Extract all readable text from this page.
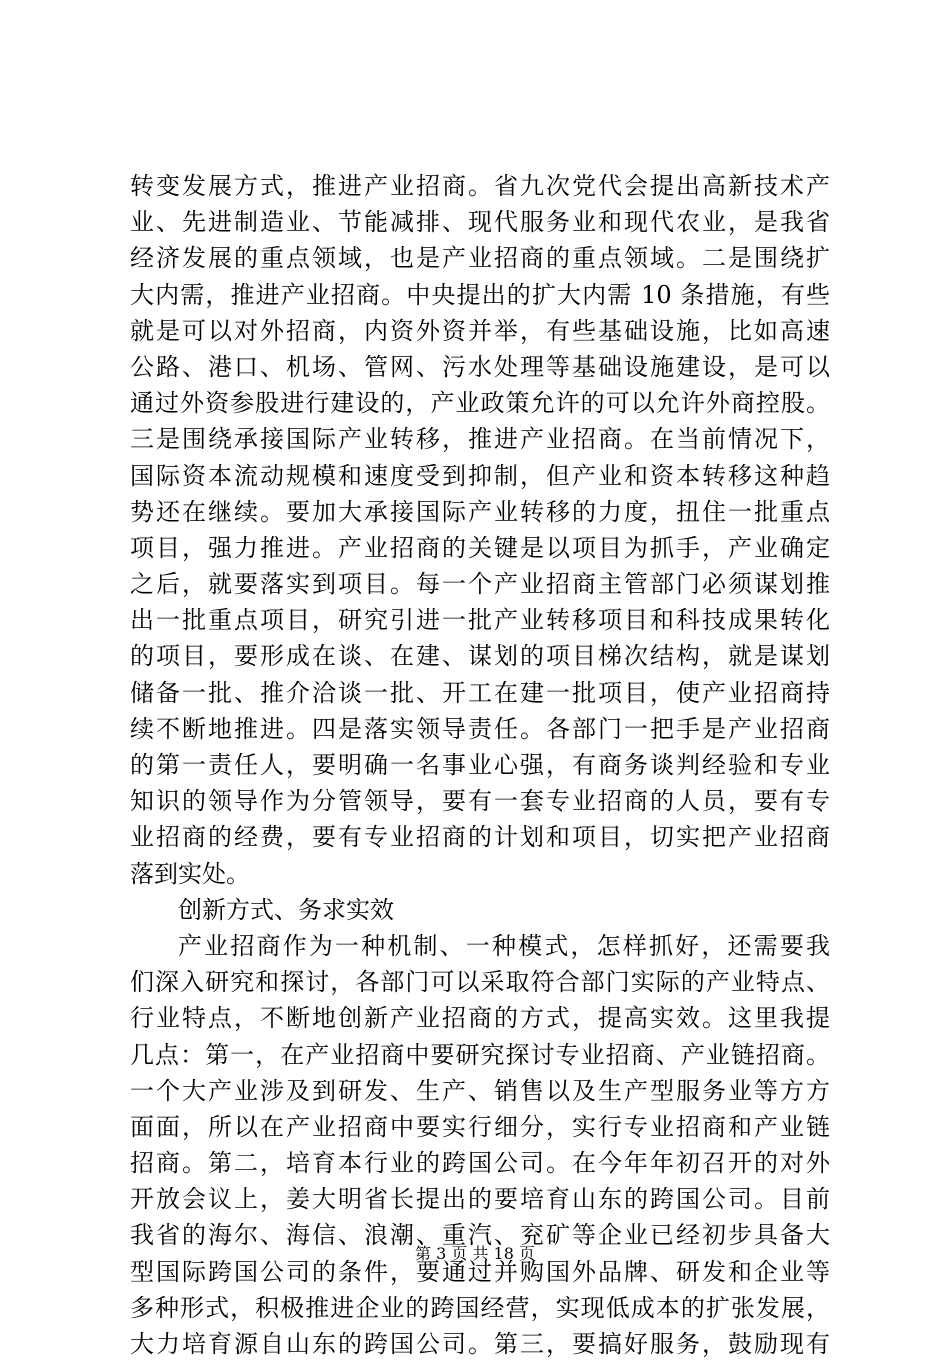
转变发展方式，推进产业招商。省九次党代会提出高新技术产
业、先进制造业、节能减排、现代服务业和现代农业，是我省
经济发展的重点领域，也是产业招商的重点领域。二是围绕扩
大内需，推进产业招商。中央提出的扩大内需 10 条措施，有些
就是可以对外招商，内资外资并举，有些基础设施，比如高速
公路、港口、机场、管网、污水处理等基础设施建设，是可以
通过外资参股进行建设的，产业政策允许的可以允许外商控股。
三是围绕承接国际产业转移，推进产业招商。在当前情况下，
国际资本流动规模和速度受到抑制，但产业和资本转移这种趋
势还在继续。要加大承接国际产业转移的力度，扭住一批重点
项目，强力推进。产业招商的关键是以项目为抓手，产业确定
之后，就要落实到项目。每一个产业招商主管部门必须谋划推
出一批重点项目，研究引进一批产业转移项目和科技成果转化
的项目，要形成在谈、在建、谋划的项目梯次结构，就是谋划
储备一批、推介洽谈一批、开工在建一批项目，使产业招商持
续不断地推进。四是落实领导责任。各部门一把手是产业招商
的第一责任人，要明确一名事业心强，有商务谈判经验和专业
知识的领导作为分管领导，要有一套专业招商的人员，要有专
业招商的经费，要有专业招商的计划和项目，切实把产业招商
落到实处。
创新方式、务求实效
产业招商作为一种机制、一种模式，怎样抓好，还需要我
们深入研究和探讨，各部门可以采取符合部门实际的产业特点、
行业特点，不断地创新产业招商的方式，提高实效。这里我提
几点：第一，在产业招商中要研究探讨专业招商、产业链招商。
一个大产业涉及到研发、生产、销售以及生产型服务业等方方
面面，所以在产业招商中要实行细分，实行专业招商和产业链
招商。第二，培育本行业的跨国公司。在今年年初召开的对外
开放会议上，姜大明省长提出的要培育山东的跨国公司。目前
我省的海尔、海信、浪潮、重汽、兖矿等企业已经初步具备大
型国际跨国公司的条件，要通过并购国外品牌、研发和企业等
多种形式，积极推进企业的跨国经营，实现低成本的扩张发展，
大力培育源自山东的跨国公司。第三，要搞好服务，鼓励现有
第 3 页 共 18 页
